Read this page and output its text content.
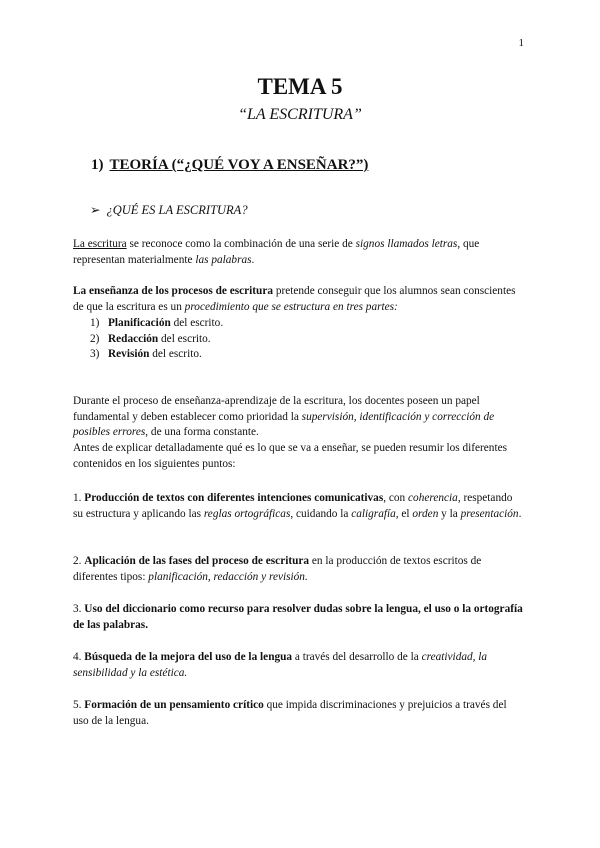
1
TEMA 5
“LA ESCRITURA”
1) TEORÍA (“¿QUÉ VOY A ENSEÑAR?”)
➢ ¿QUÉ ES LA ESCRITURA?

La escritura se reconoce como la combinación de una serie de signos llamados letras, que representan materialmente las palabras.

La enseñanza de los procesos de escritura pretende conseguir que los alumnos sean conscientes de que la escritura es un procedimiento que se estructura en tres partes:

1) Planificación del escrito.
2) Redacción del escrito.
3) Revisión del escrito.

Durante el proceso de enseñanza-aprendizaje de la escritura, los docentes poseen un papel fundamental y deben establecer como prioridad la supervisión, identificación y corrección de posibles errores, de una forma constante.

Antes de explicar detalladamente qué es lo que se va a enseñar, se pueden resumir los diferentes contenidos en los siguientes puntos:

1. Producción de textos con diferentes intenciones comunicativas, con coherencia, respetando su estructura y aplicando las reglas ortográficas, cuidando la caligrafía, el orden y la presentación.

2. Aplicación de las fases del proceso de escritura en la producción de textos escritos de diferentes tipos: planificación, redacción y revisión.

3. Uso del diccionario como recurso para resolver dudas sobre la lengua, el uso o la ortografía de las palabras.

4. Búsqueda de la mejora del uso de la lengua a través del desarrollo de la creatividad, la sensibilidad y la estética.

5. Formación de un pensamiento crítico que impida discriminaciones y prejuicios a través del uso de la lengua.
